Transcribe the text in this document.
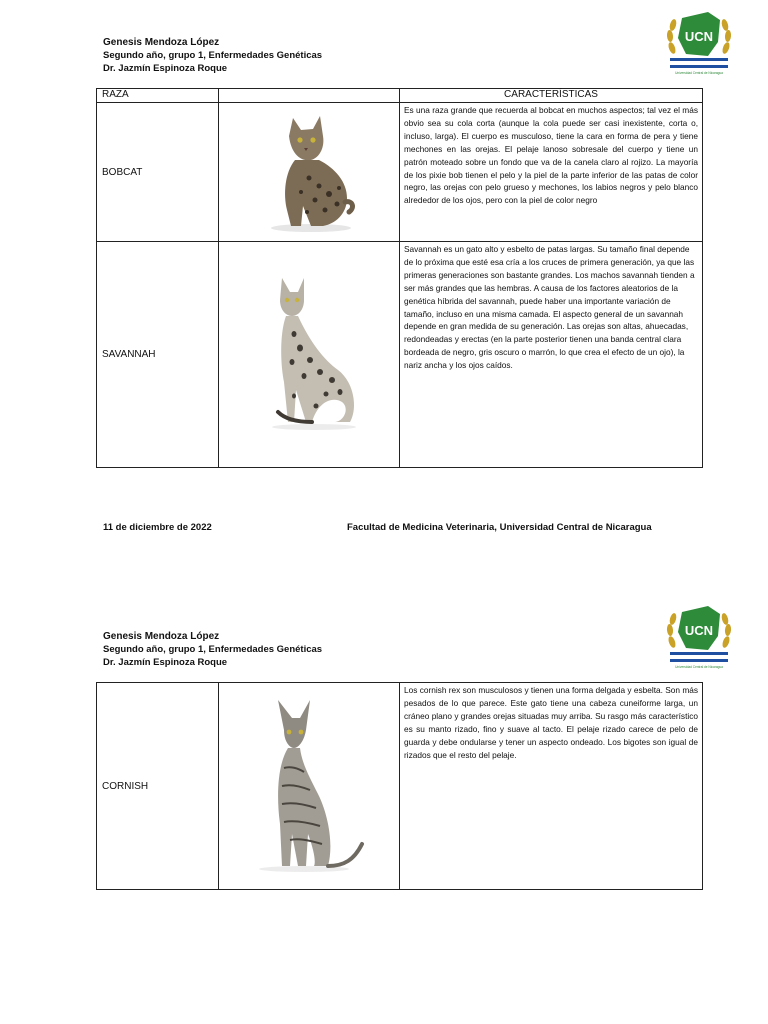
Genesis Mendoza López
Segundo año, grupo 1, Enfermedades Genéticas
Dr. Jazmín Espinoza Roque
UCN
Universidad Central de Nicaragua
RAZA		CARACTERÍSTICAS
BOBCAT		Es una raza grande que recuerda al bobcat en muchos aspectos; tal vez el más obvio sea su cola corta (aunque la cola puede ser casi inexistente, corta o, incluso, larga). El cuerpo es musculoso, tiene la cara en forma de pera y tiene mechones en las orejas. El pelaje lanoso sobresale del cuerpo y tiene un patrón moteado sobre un fondo que va de la canela claro al rojizo. La mayoría de los pixie bob tienen el pelo y la piel de la parte inferior de las patas de color negro, las orejas con pelo grueso y mechones, los labios negros y pelo blanco alrededor de los ojos, pero con la piel de color negro
SAVANNAH		Savannah es un gato alto y esbelto de patas largas. Su tamaño final depende de lo próxima que esté esa cría a los cruces de primera generación, ya que las primeras generaciones son bastante grandes. Los machos savannah tienden a ser más grandes que las hembras. A causa de los factores aleatorios de la genética híbrida del savannah, puede haber una importante variación de tamaño, incluso en una misma camada. El aspecto general de un savannah depende en gran medida de su generación. Las orejas son altas, ahuecadas, redondeadas y erectas (en la parte posterior tienen una banda central clara bordeada de negro, gris oscuro o marrón, lo que crea el efecto de un ojo), la nariz ancha y los ojos caídos.
11 de diciembre de 2022	Facultad de Medicina Veterinaria, Universidad Central de Nicaragua
Genesis Mendoza López
Segundo año, grupo 1, Enfermedades Genéticas
Dr. Jazmín Espinoza Roque
UCN
Universidad Central de Nicaragua
CORNISH		Los cornish rex son musculosos y tienen una forma delgada y esbelta. Son más pesados de lo que parece. Este gato tiene una cabeza cuneiforme larga, un cráneo plano y grandes orejas situadas muy arriba. Su rasgo más característico es su manto rizado, fino y suave al tacto. El pelaje rizado carece de pelo de guarda y debe ondularse y tener un aspecto ondeado. Los bigotes son igual de rizados que el resto del pelaje.
